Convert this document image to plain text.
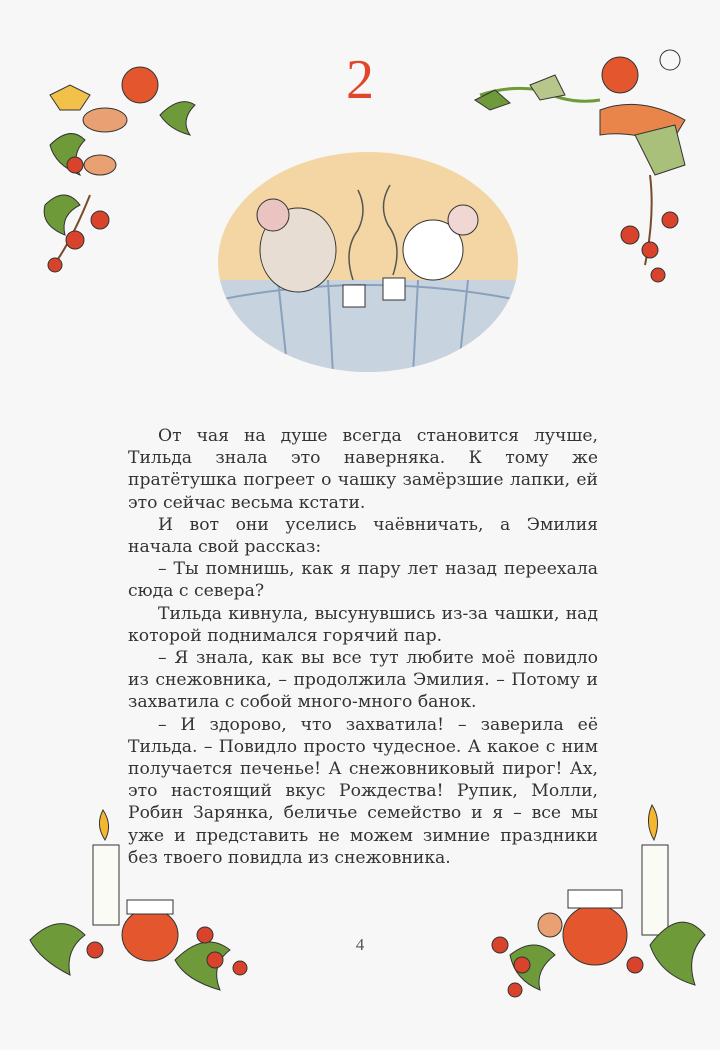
2

От чая на душе всегда становится лучше, Тильда знала это наверняка. К тому же пратётушка погреет о чашку замёрзшие лапки, ей это сейчас весьма кстати.

И вот они уселись чаёвничать, а Эмилия начала свой рассказ:

– Ты помнишь, как я пару лет назад переехала сюда с севера?

Тильда кивнула, высунувшись из-за чашки, над которой поднимался горячий пар.

– Я знала, как вы все тут любите моё повидло из снежовника, – продолжила Эмилия. – Потому и захватила с собой много-много банок.

– И здорово, что захватила! – заверила её Тильда. – Повидло просто чудесное. А какое с ним получается печенье! А снежовниковый пирог! Ах, это настоящий вкус Рождества! Рупик, Молли, Робин Зарянка, беличье семейство и я – все мы уже и представить не можем зимние праздники без твоего повидла из снежовника.

4
